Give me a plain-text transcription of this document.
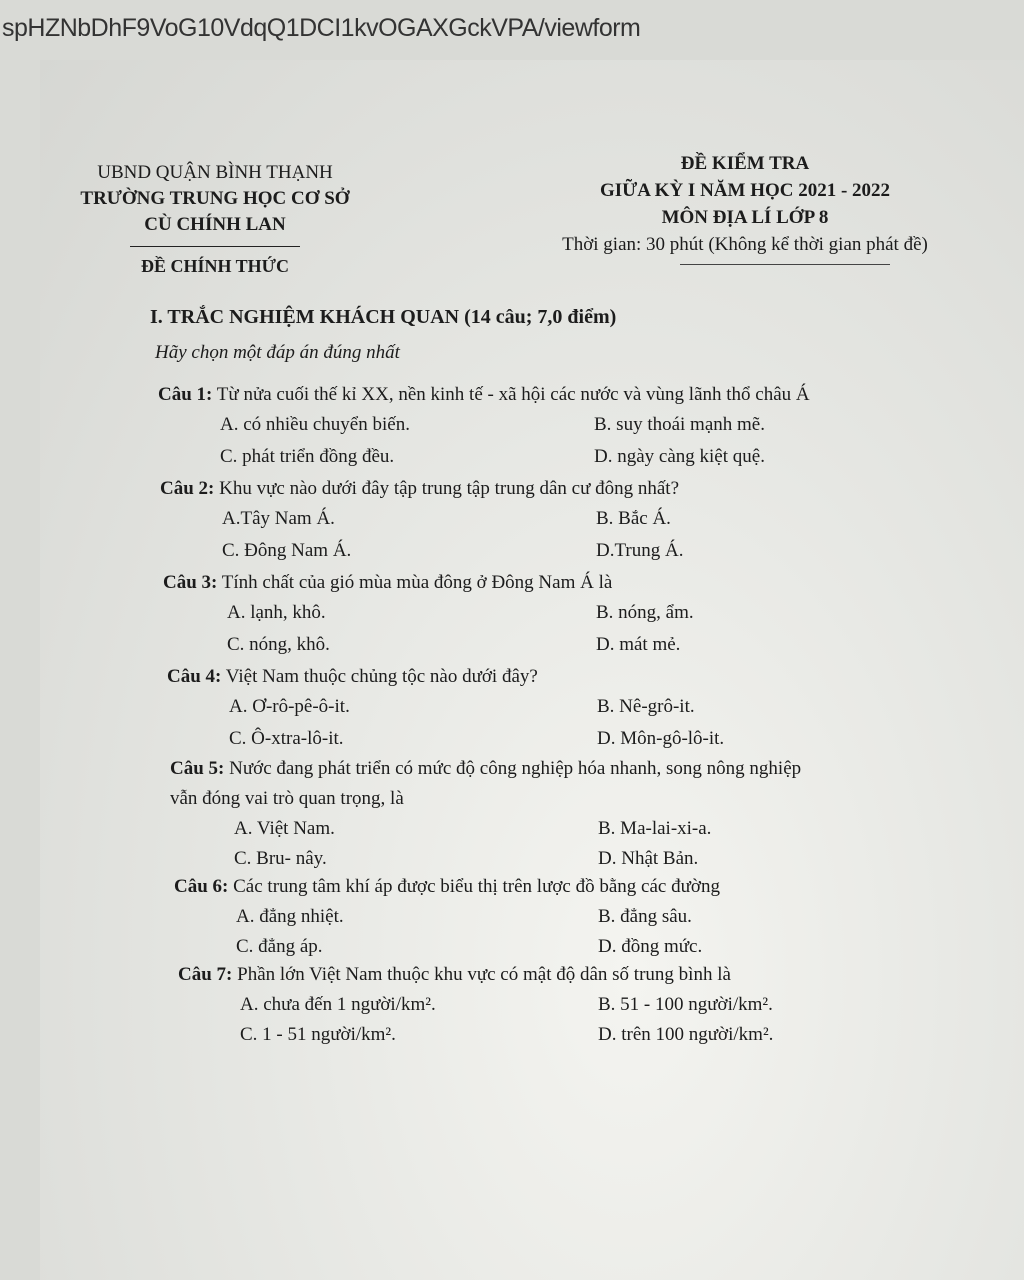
spHZNbDhF9VoG10VdqQ1DCI1kvOGAXGckVPA/viewform
UBND QUẬN BÌNH THẠNH
TRƯỜNG TRUNG HỌC CƠ SỞ
CÙ CHÍNH LAN
ĐỀ CHÍNH THỨC
ĐỀ KIỂM TRA
GIỮA KỲ I NĂM HỌC 2021 - 2022
MÔN ĐỊA LÍ LỚP 8
Thời gian: 30 phút (Không kể thời gian phát đề)
I. TRẮC NGHIỆM KHÁCH QUAN (14 câu; 7,0 điểm)
Hãy chọn một đáp án đúng nhất
Câu 1: Từ nửa cuối thế kỉ XX, nền kinh tế - xã hội các nước và vùng lãnh thổ châu Á
A. có nhiều chuyển biến.	B. suy thoái mạnh mẽ.
C. phát triển đồng đều.	D. ngày càng kiệt quệ.
Câu 2: Khu vực nào dưới đây tập trung tập trung dân cư đông nhất?
A.Tây Nam Á.	B. Bắc Á.
C. Đông Nam Á.	D.Trung Á.
Câu 3: Tính chất của gió mùa mùa đông ở Đông Nam Á là
A. lạnh, khô.	B. nóng, ẩm.
C. nóng, khô.	D. mát mẻ.
Câu 4: Việt Nam thuộc chủng tộc nào dưới đây?
A. Ơ-rô-pê-ô-it.	B. Nê-grô-it.
C. Ô-xtra-lô-it.	D. Môn-gô-lô-it.
Câu 5: Nước đang phát triển có mức độ công nghiệp hóa nhanh, song nông nghiệp
vẫn đóng vai trò quan trọng, là
A. Việt Nam.	B. Ma-lai-xi-a.
C. Bru- nây.	D. Nhật Bản.
Câu 6: Các trung tâm khí áp được biểu thị trên lược đồ bằng các đường
A. đẳng nhiệt.	B. đẳng sâu.
C. đẳng áp.	D. đồng mức.
Câu 7: Phần lớn Việt Nam thuộc khu vực có mật độ dân số trung bình là
A. chưa đến 1 người/km².	B. 51 - 100 người/km².
C. 1 - 51 người/km².	D. trên 100 người/km².
